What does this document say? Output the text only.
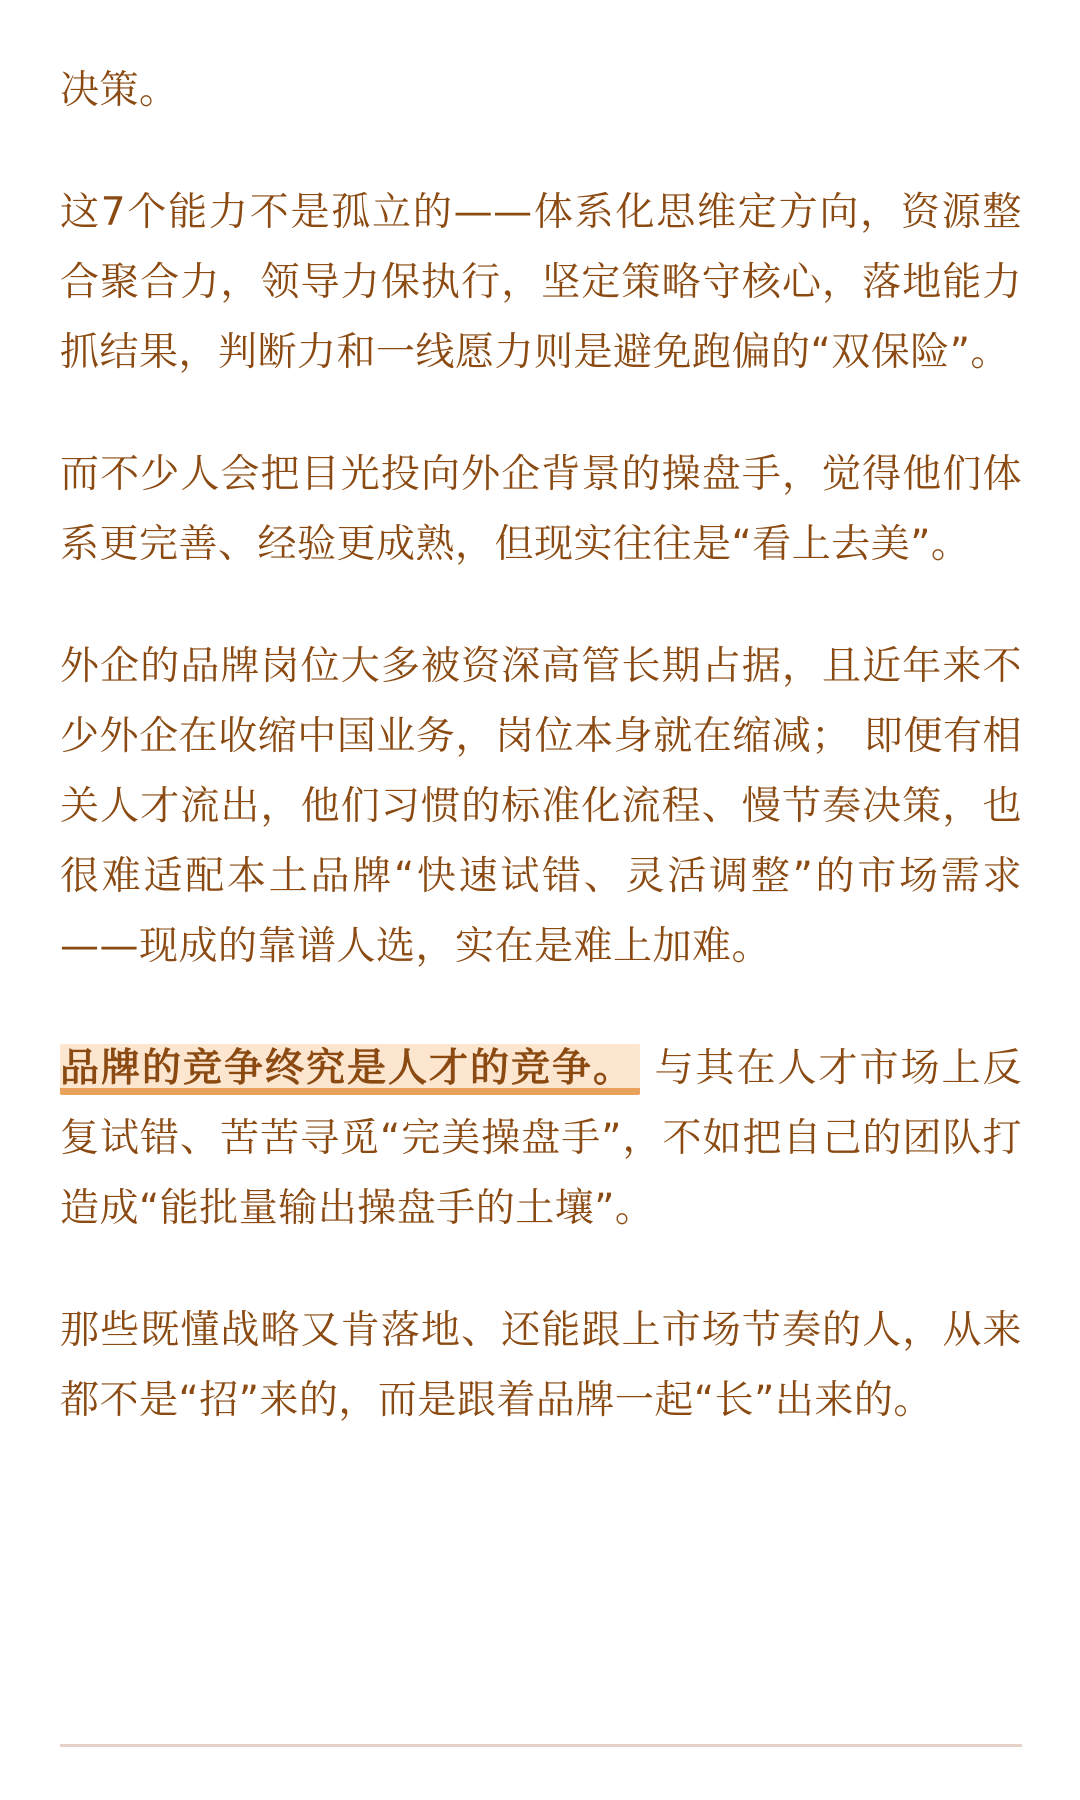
决策。

这7个能力不是孤立的——体系化思维定方向，资源整合聚合力，领导力保执行，坚定策略守核心，落地能力抓结果，判断力和一线愿力则是避免跑偏的“双保险”。

而不少人会把目光投向外企背景的操盘手，觉得他们体系更完善、经验更成熟，但现实往往是“看上去美”。

外企的品牌岗位大多被资深高管长期占据，且近年来不少外企在收缩中国业务，岗位本身就在缩减； 即便有相关人才流出，他们习惯的标准化流程、慢节奏决策，也很难适配本土品牌“快速试错、灵活调整”的市场需求——现成的靠谱人选，实在是难上加难。

品牌的竞争终究是人才的竞争。 与其在人才市场上反复试错、苦苦寻觅“完美操盘手”，不如把自己的团队打造成“能批量输出操盘手的土壤”。

那些既懂战略又肯落地、还能跟上市场节奏的人，从来都不是“招”来的，而是跟着品牌一起“长”出来的。
